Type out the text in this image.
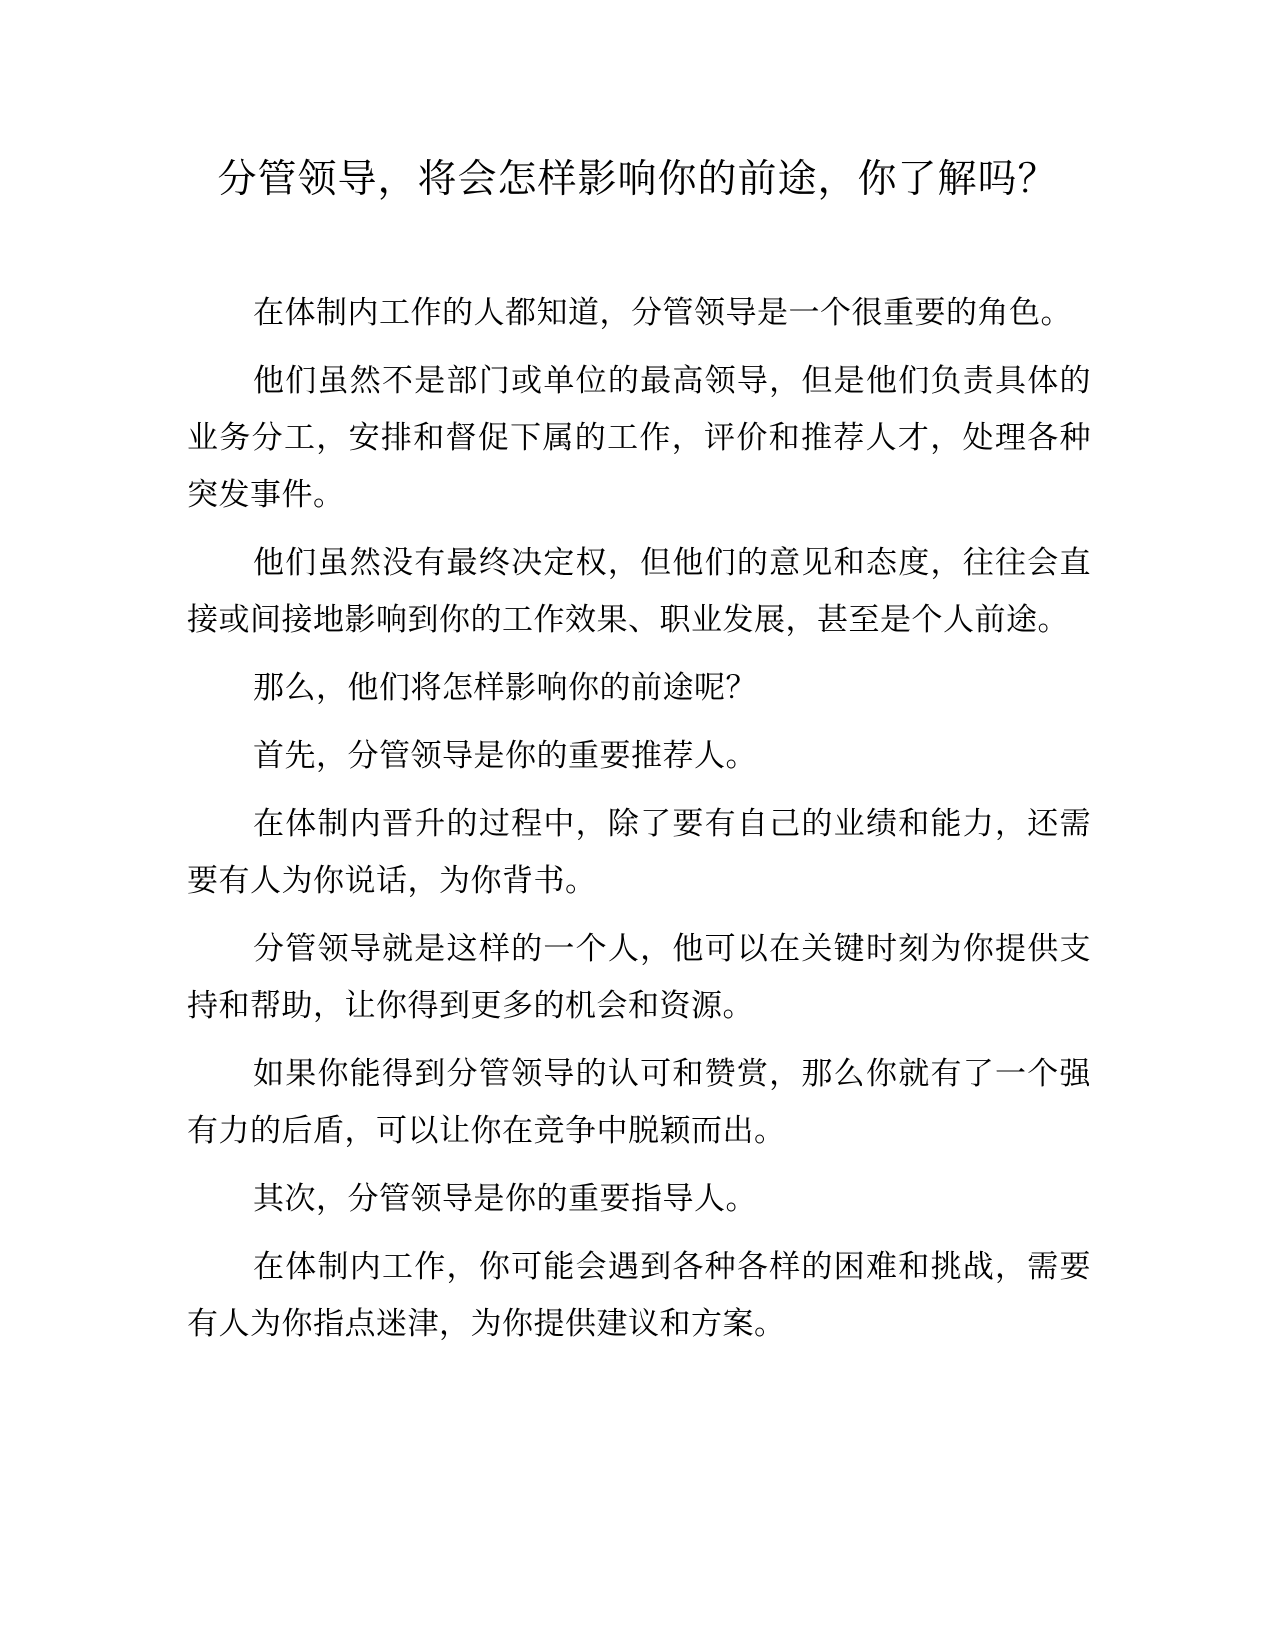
分管领导，将会怎样影响你的前途，你了解吗？

在体制内工作的人都知道，分管领导是一个很重要的角色。

他们虽然不是部门或单位的最高领导，但是他们负责具体的业务分工，安排和督促下属的工作，评价和推荐人才，处理各种突发事件。

他们虽然没有最终决定权，但他们的意见和态度，往往会直接或间接地影响到你的工作效果、职业发展，甚至是个人前途。

那么，他们将怎样影响你的前途呢？

首先，分管领导是你的重要推荐人。

在体制内晋升的过程中，除了要有自己的业绩和能力，还需要有人为你说话，为你背书。

分管领导就是这样的一个人，他可以在关键时刻为你提供支持和帮助，让你得到更多的机会和资源。

如果你能得到分管领导的认可和赞赏，那么你就有了一个强有力的后盾，可以让你在竞争中脱颖而出。

其次，分管领导是你的重要指导人。

在体制内工作，你可能会遇到各种各样的困难和挑战，需要有人为你指点迷津，为你提供建议和方案。
